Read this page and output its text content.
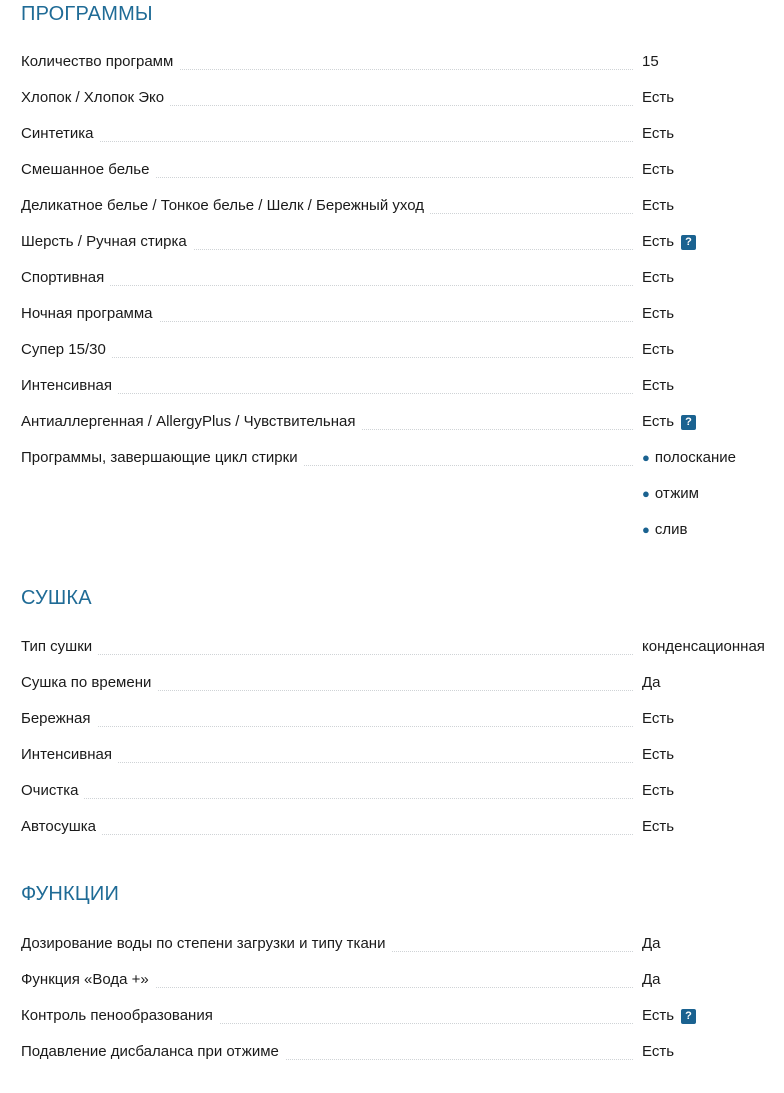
ПРОГРАММЫ
Количество программ	15
Хлопок / Хлопок Эко	Есть
Синтетика	Есть
Смешанное белье	Есть
Деликатное белье / Тонкое белье / Шелк / Бережный уход	Есть
Шерсть / Ручная стирка	Есть ?
Спортивная	Есть
Ночная программа	Есть
Супер 15/30	Есть
Интенсивная	Есть
Антиаллергенная / AllergyPlus / Чувствительная	Есть ?
Программы, завершающие цикл стирки	● полоскание
● отжим
● слив
СУШКА
Тип сушки	конденсационная
Сушка по времени	Да
Бережная	Есть
Интенсивная	Есть
Очистка	Есть
Автосушка	Есть
ФУНКЦИИ
Дозирование воды по степени загрузки и типу ткани	Да
Функция «Вода +»	Да
Контроль пенообразования	Есть ?
Подавление дисбаланса при отжиме	Есть
